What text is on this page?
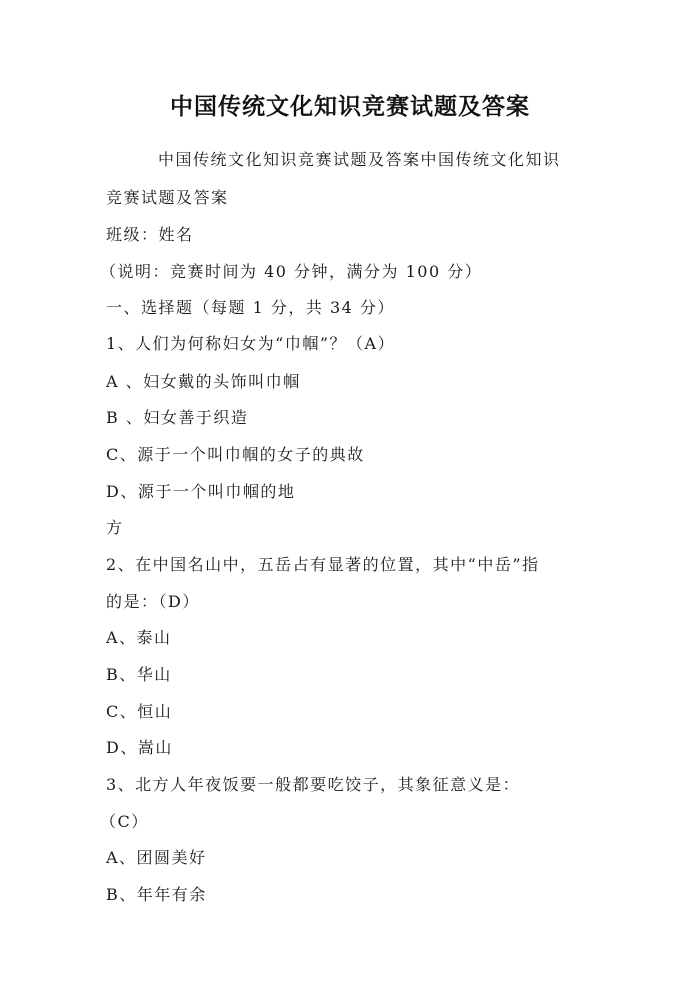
中国传统文化知识竞赛试题及答案
中国传统文化知识竞赛试题及答案中国传统文化知识
竞赛试题及答案
班级：姓名
（说明：竞赛时间为 40 分钟，满分为 100 分）
一、选择题（每题 1 分，共 34 分）
1、人们为何称妇女为“巾帼”？（A）
A 、妇女戴的头饰叫巾帼
B 、妇女善于织造
C、源于一个叫巾帼的女子的典故
D、源于一个叫巾帼的地
方
2、在中国名山中，五岳占有显著的位置，其中“中岳”指
的是：（D）
A、泰山
B、华山
C、恒山
D、嵩山
3、北方人年夜饭要一般都要吃饺子，其象征意义是：
（C）
A、团圆美好
B、年年有余
